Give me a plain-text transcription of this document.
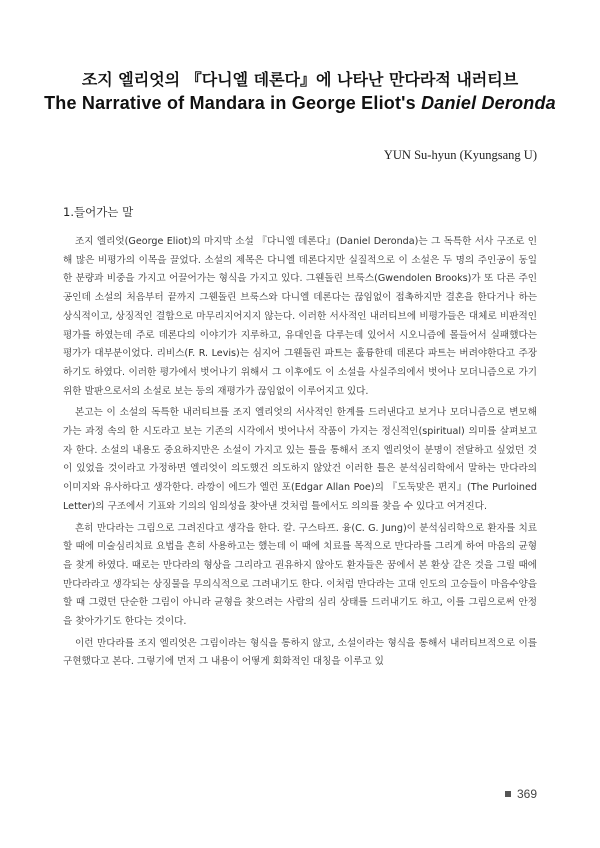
조지 엘리엇의 『다니엘 데론다』에 나타난 만다라적 내러티브
The Narrative of Mandara in George Eliot's Daniel Deronda
YUN Su-hyun (Kyungsang U)
1.들어가는 말

조지 엘리엇(George Eliot)의 마지막 소설 『다니엘 데론다』(Daniel Deronda)는 그 독특한 서사 구조로 인해 많은 비평가의 이목을 끌었다. 소설의 제목은 다니엘 데론다지만 실질적으로 이 소설은 두 명의 주인공이 동일한 분량과 비중을 가지고 어끌어가는 형식을 가지고 있다. 그웬돌린 브룩스(Gwendolen Brooks)가 또 다른 주인공인데 소설의 처음부터 끝까지 그웬돌린 브룩스와 다니엘 데론다는 끊임없이 접촉하지만 결혼을 한다거나 하는 상식적이고, 상징적인 결합으로 마무리지어지지 않는다. 이러한 서사적인 내러티브에 비평가들은 대체로 비판적인 평가를 하였는데 주로 데론다의 이야기가 지루하고, 유대인을 다루는데 있어서 시오니즘에 몰들어서 실패했다는 평가가 대부분이었다. 리비스(F. R. Levis)는 심지어 그웬돌린 파트는 훌륭한데 데론다 파트는 버려야한다고 주장하기도 하였다. 이러한 평가에서 벗어나기 위해서 그 이후에도 이 소설을 사실주의에서 벗어나 모더니즘으로 가기 위한 발판으로서의 소설로 보는 등의 재평가가 끊임없이 이루어지고 있다.

본고는 이 소설의 독특한 내러티브를 조지 엘리엇의 서사적인 한계를 드러낸다고 보거나 모더니즘으로 변모해가는 과정 속의 한 시도라고 보는 기존의 시각에서 벗어나서 작품이 가지는 정신적인(spiritual) 의미를 살펴보고자 한다. 소설의 내용도 중요하지만은 소설이 가지고 있는 틀을 통해서 조지 엘리엇이 분명이 전달하고 싶었던 것이 있었을 것이라고 가정하면 엘리엇이 의도했건 의도하지 않았건 이러한 틀은 분석심리학에서 말하는 만다라의 이미지와 유사하다고 생각한다. 라깡이 에드가 엘런 포(Edgar Allan Poe)의 『도둑맞은 편지』(The Purloined Letter)의 구조에서 기표와 기의의 임의성을 찾아낸 것처럼 틀에서도 의의를 찾을 수 있다고 여겨진다.

흔히 만다라는 그림으로 그려진다고 생각을 한다. 칼. 구스타프. 융(C. G. Jung)이 분석심리학으로 환자를 치료할 때에 미술심리치료 요법을 흔히 사용하고는 했는데 이 때에 치료를 목적으로 만다라를 그리게 하여 마음의 균형을 찾게 하였다. 때로는 만다라의 형상을 그리라고 권유하지 않아도 환자들은 꿈에서 본 환상 같은 것을 그릴 때에 만다라라고 생각되는 상징물을 무의식적으로 그려내기도 한다. 이처럼 만다라는 고대 인도의 고승들이 마음수양을 할 때 그렸던 단순한 그림이 아니라 균형을 찾으려는 사람의 심리 상태를 드러내기도 하고, 이를 그림으로써 안정을 찾아가기도 한다는 것이다.

이런 만다라를 조지 엘리엇은 그림이라는 형식을 통하지 않고, 소설이라는 형식을 통해서 내러티브적으로 이를 구현했다고 본다. 그렇기에 먼저 그 내용이 어떻게 회화적인 대칭을 이루고 있

369
